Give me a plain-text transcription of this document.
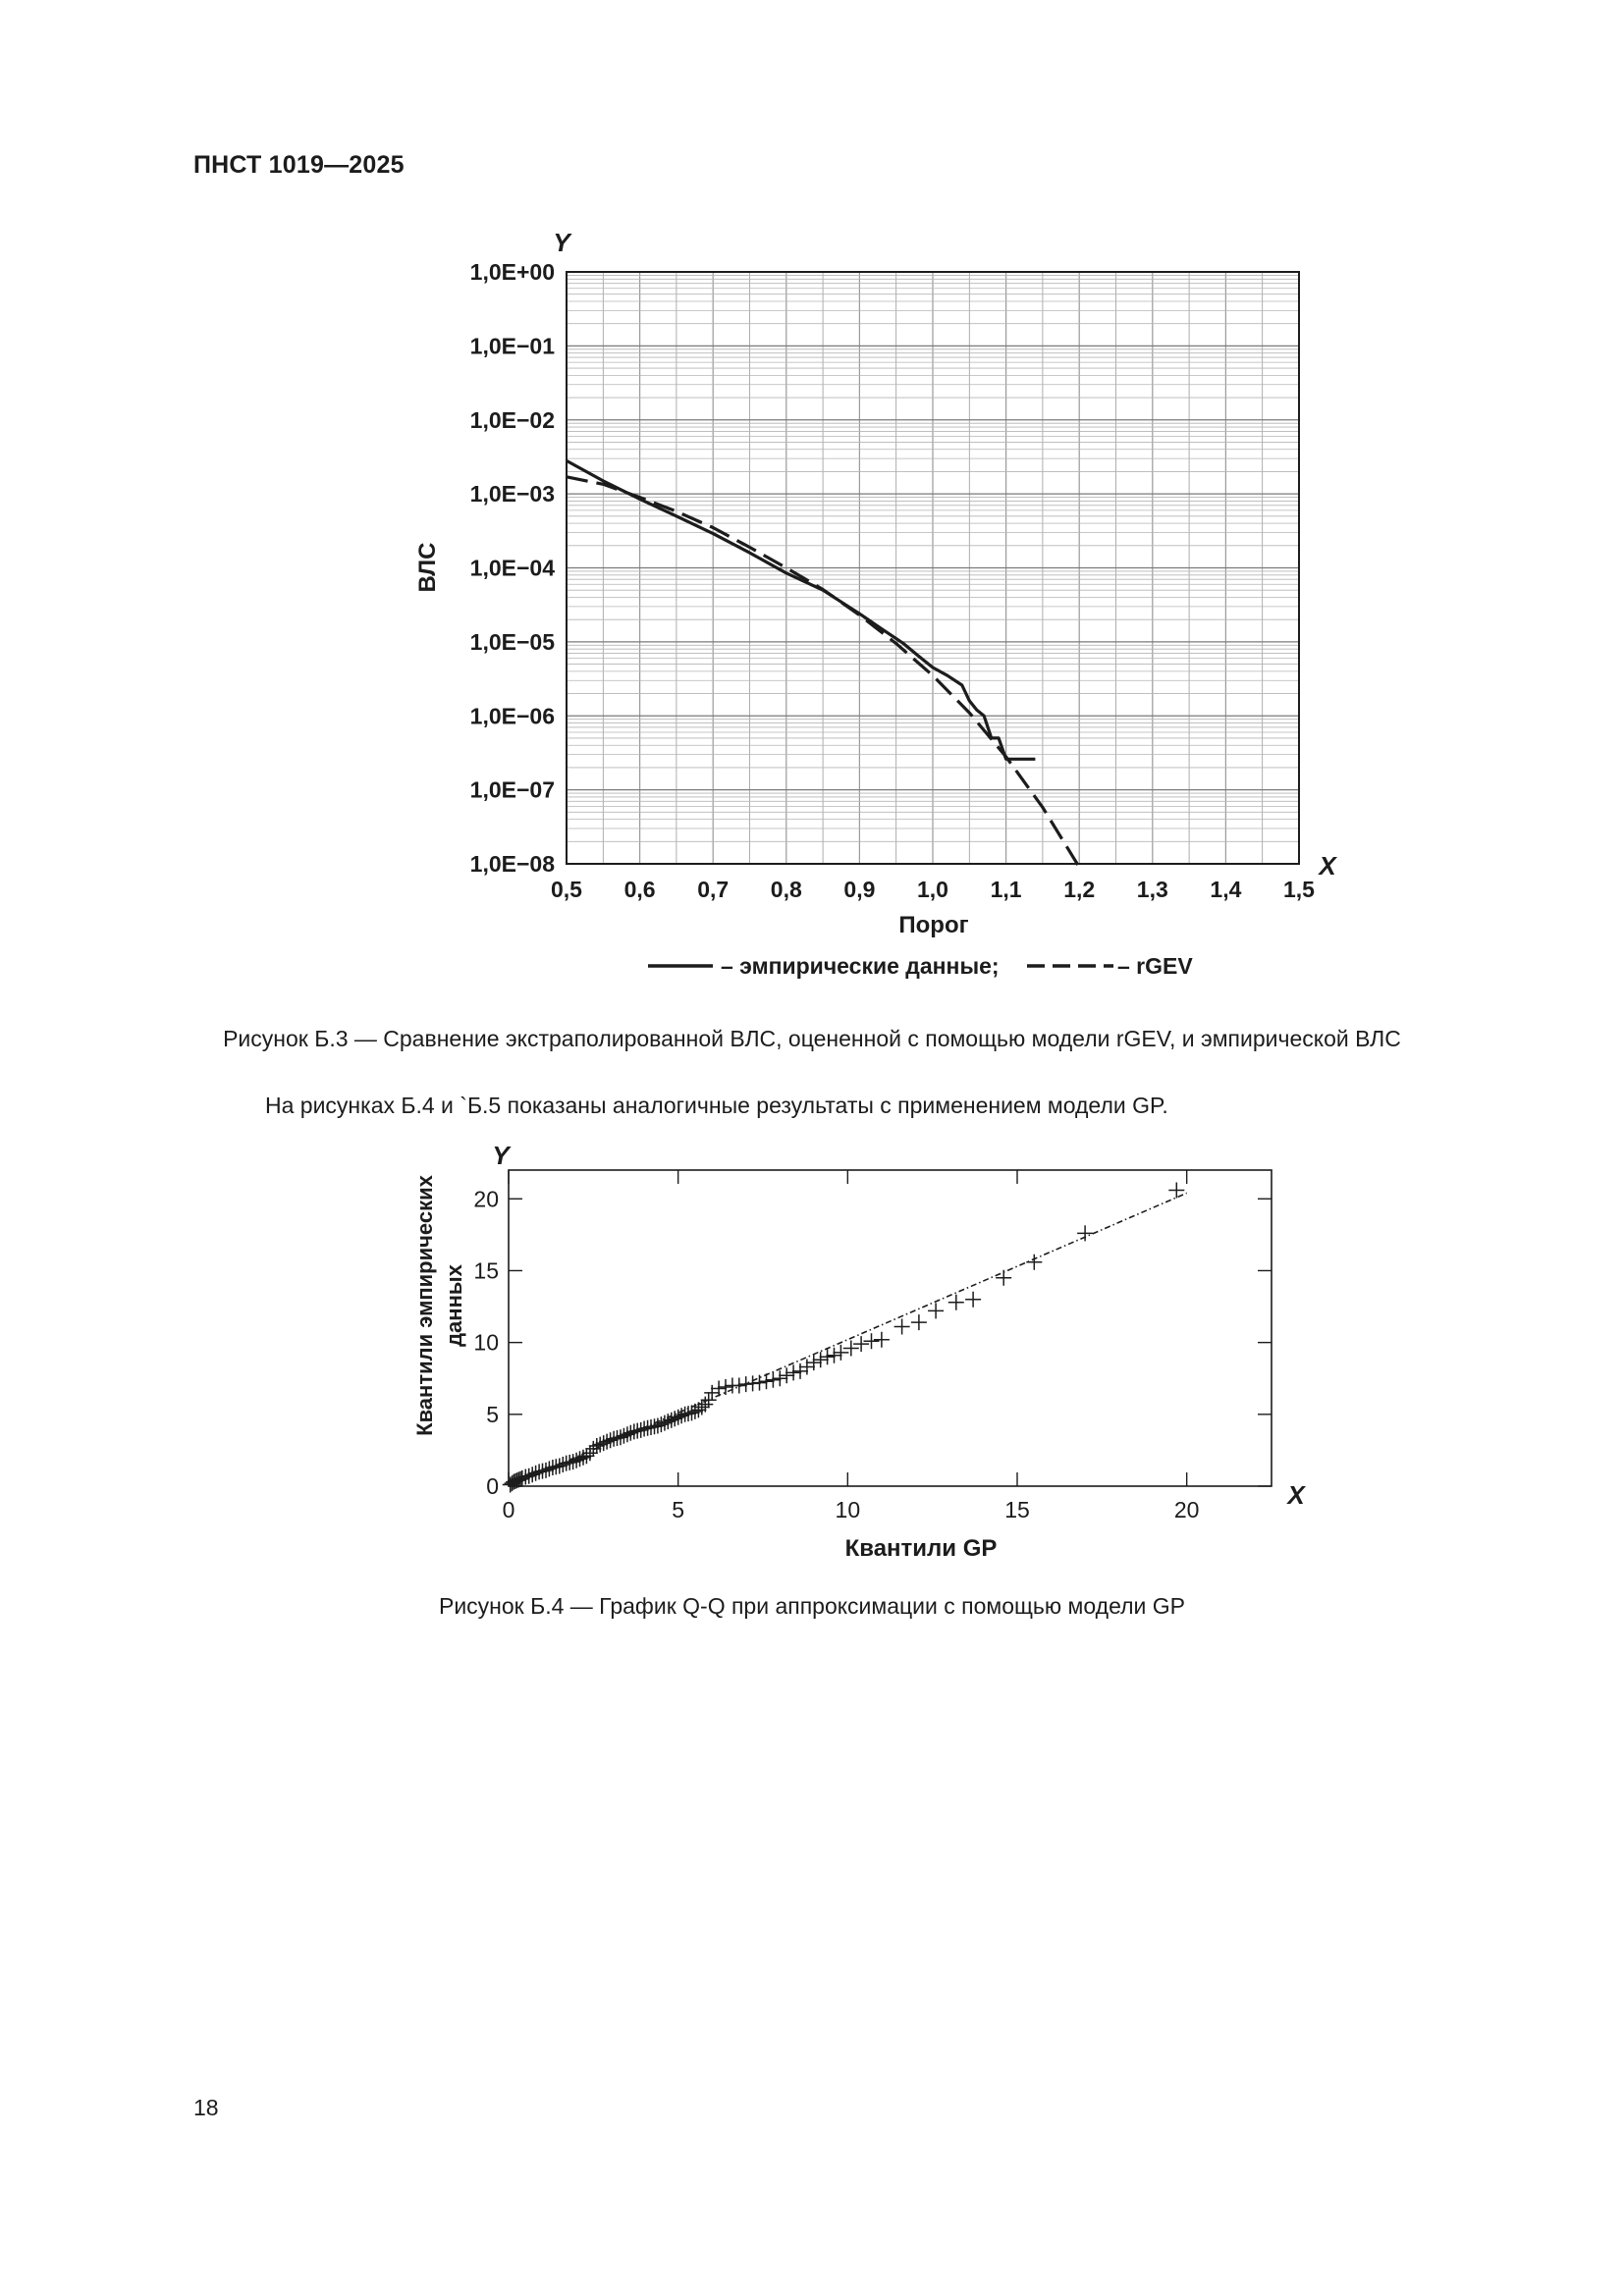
ПНСТ 1019—2025
0,5 0,6 0,7 0,8 0,9 1,0 1,1 1,2 1,3 1,4 1,5
1,0E+00
1,0E−01
1,0E−02
1,0E−03
1,0E−04
1,0E−05
1,0E−06
1,0E−07
1,0E−08
ВЛС
Порог
Y
X
– эмпирические данные;	– rGEV
Рисунок Б.3 — Сравнение экстраполированной ВЛС, оцененной с помощью модели rGEV, и эмпирической ВЛС
На рисунках Б.4 и `Б.5 показаны аналогичные результаты с применением модели GP.
0	5	10	15	20
0
5
10
15
20
Квантили эмпирических данных
Квантили GP
Y
X
Рисунок Б.4 — График Q-Q при аппроксимации с помощью модели GP
18
